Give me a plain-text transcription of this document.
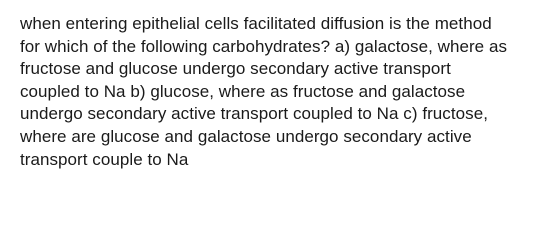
when entering epithelial cells facilitated diffusion is the method
for which of the following carbohydrates? a) galactose, where as
fructose and glucose undergo secondary active transport
coupled to Na b) glucose, where as fructose and galactose
undergo secondary active transport coupled to Na c) fructose,
where are glucose and galactose undergo secondary active
transport couple to Na
